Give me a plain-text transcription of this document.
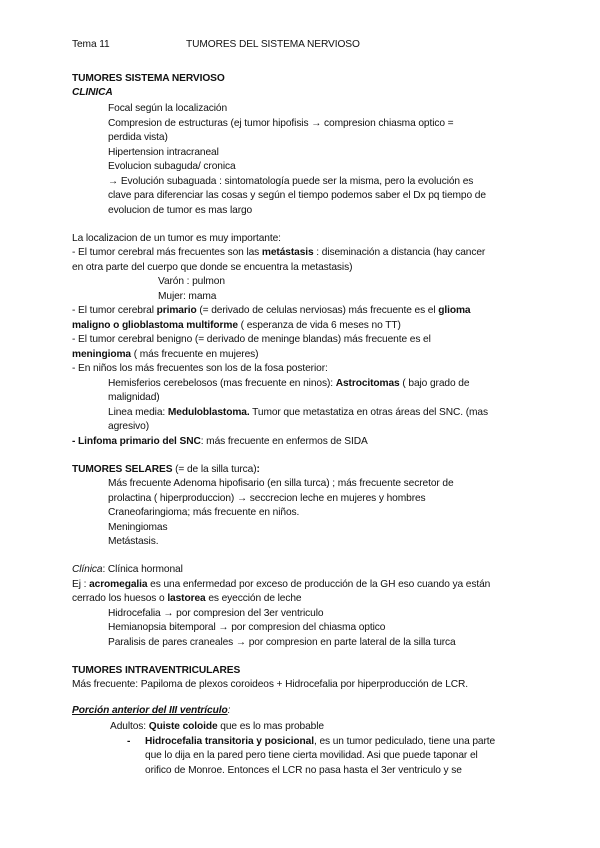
Tema 11	TUMORES DEL SISTEMA NERVIOSO
TUMORES SISTEMA NERVIOSO
CLINICA
Focal según la localización
Compresion de estructuras (ej tumor hipofisis → compresion chiasma optico =
perdida vista)
Hipertension intracraneal
Evolucion subaguda/ cronica
→ Evolución subaguada : sintomatología puede ser la misma, pero la evolución es
clave para diferenciar las cosas y según el tiempo podemos saber el Dx pq tiempo de
evolucion de tumor es mas largo
La localizacion de un tumor es muy importante:
- El tumor cerebral más frecuentes son las metástasis : diseminación a distancia (hay cancer
en otra parte del cuerpo que donde se encuentra la metastasis)
Varón : pulmon
Mujer: mama
- El tumor cerebral primario (= derivado de celulas nerviosas) más frecuente es el glioma
maligno o glioblastoma multiforme ( esperanza de vida 6 meses no TT)
- El tumor cerebral benigno (= derivado de meninge blandas) más frecuente es el
meningioma ( más frecuente en mujeres)
- En niños los más frecuentes son los de la fosa posterior:
Hemisferios cerebelosos (mas frecuente en ninos): Astrocitomas ( bajo grado de
malignidad)
Linea media: Meduloblastoma. Tumor que metastatiza en otras áreas del SNC. (mas
agresivo)
- Linfoma primario del SNC: más frecuente en enfermos de SIDA
TUMORES SELARES (= de la silla turca):
Más frecuente Adenoma hipofisario (en silla turca) ; más frecuente secretor de
prolactina ( hiperproduccion) → seccrecion leche en mujeres y hombres
Craneofaringioma; más frecuente en niños.
Meningiomas
Metástasis.
Clínica: Clínica hormonal
Ej : acromegalia es una enfermedad por exceso de producción de la GH eso cuando ya están
cerrado los huesos o lastorea es eyección de leche
Hidrocefalia → por compresion del 3er ventriculo
Hemianopsia bitemporal → por compresion del chiasma optico
Paralisis de pares craneales → por compresion en parte lateral de la silla turca
TUMORES INTRAVENTRICULARES
Más frecuente: Papiloma de plexos coroideos + Hidrocefalia por hiperproducción de LCR.
Porción anterior del III ventrículo:
Adultos: Quiste coloide que es lo mas probable
- Hidrocefalia transitoria y posicional, es un tumor pediculado, tiene una parte
que lo dija en la pared pero tiene cierta movilidad. Asi que puede taponar el
orifico de Monroe. Entonces el LCR no pasa hasta el 3er ventriculo y se
